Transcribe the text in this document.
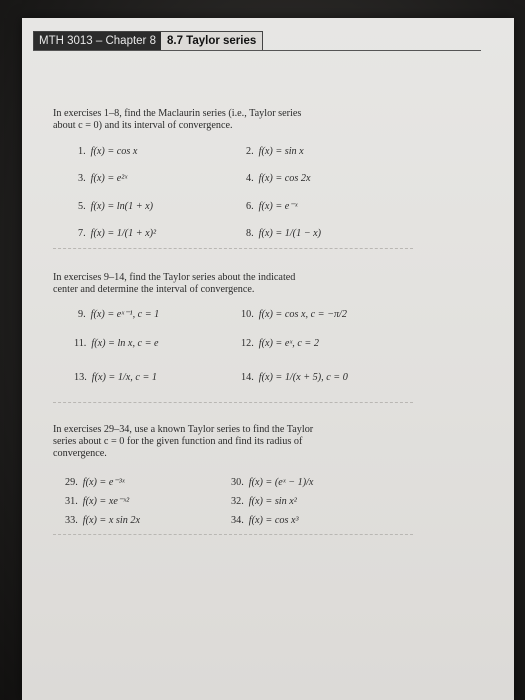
MTH 3013 – Chapter 8 8.7 Taylor series
In exercises 1–8, find the Maclaurin series (i.e., Taylor series
about c = 0) and its interval of convergence.
1. f(x) = cos x	2. f(x) = sin x
3. f(x) = e²ˣ	4. f(x) = cos 2x
5. f(x) = ln(1 + x)	6. f(x) = e⁻ˣ
7. f(x) = 1/(1 + x)²	8. f(x) = 1/(1 − x)
In exercises 9–14, find the Taylor series about the indicated
center and determine the interval of convergence.
9. f(x) = eˣ⁻¹, c = 1	10. f(x) = cos x, c = −π/2
11. f(x) = ln x, c = e	12. f(x) = eˣ, c = 2
13. f(x) = 1/x, c = 1	14. f(x) = 1/(x + 5), c = 0
In exercises 29–34, use a known Taylor series to find the Taylor
series about c = 0 for the given function and find its radius of
convergence.
29. f(x) = e⁻³ˣ	30. f(x) = (eˣ − 1)/x
31. f(x) = xe⁻ˣ²	32. f(x) = sin x²
33. f(x) = x sin 2x	34. f(x) = cos x³
